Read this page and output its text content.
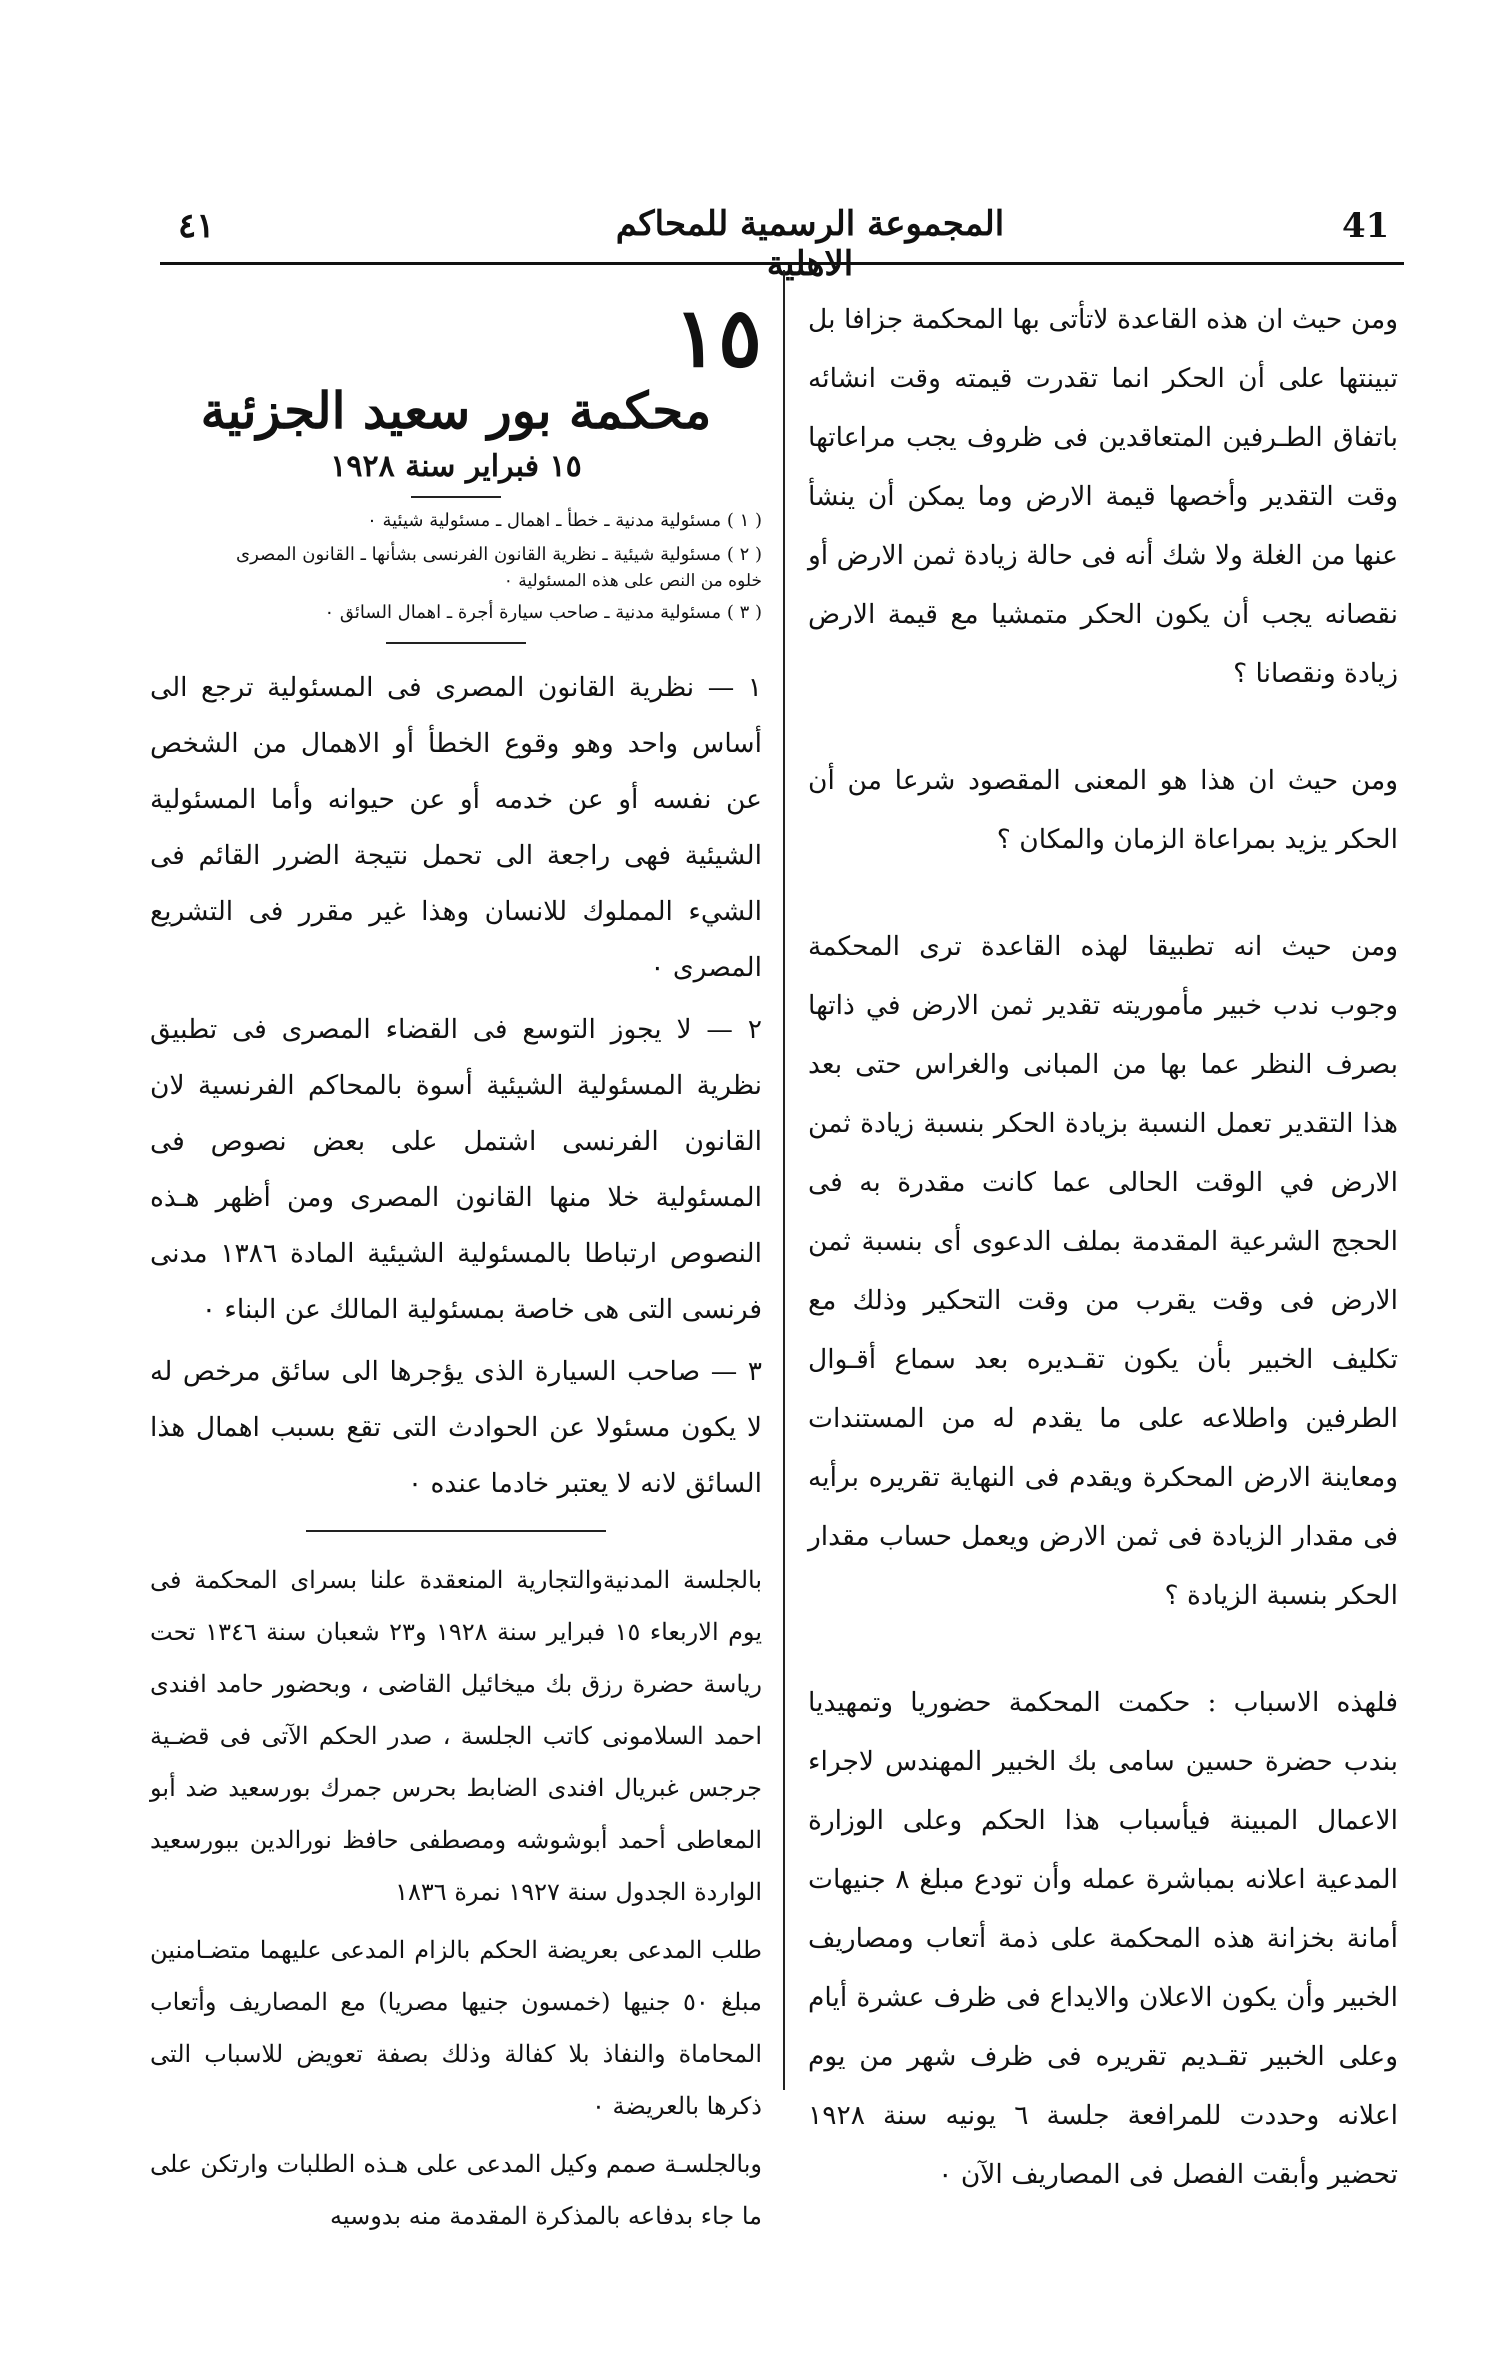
٤١	المجموعة الرسمية للمحاكم الاهلية
41

ومن حيث ان هذه القاعدة لاتأتى بها المحكمة جزافا بل تبينتها على أن الحكر انما تقدرت قيمته وقت انشائه باتفاق الطـرفين المتعاقدين فى ظروف يجب مراعاتها وقت التقدير وأخصها قيمة الارض وما يمكن أن ينشأ عنها من الغلة ولا شك أنه فى حالة زيادة ثمن الارض أو نقصانه يجب أن يكون الحكر متمشيا مع قيمة الارض زيادة ونقصانا ؟

ومن حيث ان هذا هو المعنى المقصود شرعا من أن الحكر يزيد بمراعاة الزمان والمكان ؟

ومن حيث انه تطبيقا لهذه القاعدة ترى المحكمة وجوب ندب خبير مأموريته تقدير ثمن الارض في ذاتها بصرف النظر عما بها من المبانى والغراس حتى بعد هذا التقدير تعمل النسبة بزيادة الحكر بنسبة زيادة ثمن الارض في الوقت الحالى عما كانت مقدرة به فى الحجج الشرعية المقدمة بملف الدعوى أى بنسبة ثمن الارض فى وقت يقرب من وقت التحكير وذلك مع تكليف الخبير بأن يكون تقـديره بعد سماع أقـوال الطرفين واطلاعه على ما يقدم له من المستندات ومعاينة الارض المحكرة ويقدم فى النهاية تقريره برأيه فى مقدار الزيادة فى ثمن الارض ويعمل حساب مقدار الحكر بنسبة الزيادة ؟

فلهذه الاسباب : حكمت المحكمة حضوريا وتمهيديا بندب حضرة حسين سامى بك الخبير المهندس لاجراء الاعمال المبينة فيأسباب هذا الحكم وعلى الوزارة المدعية اعلانه بمباشرة عمله وأن تودع مبلغ ٨ جنيهات أمانة بخزانة هذه المحكمة على ذمة أتعاب ومصاريف الخبير وأن يكون الاعلان والايداع فى ظرف عشرة أيام وعلى الخبير تقـديم تقريره فى ظرف شهر من يوم اعلانه وحددت للمرافعة جلسة ٦ يونيه سنة ١٩٢٨ تحضير وأبقت الفصل فى المصاريف الآن ٠

١٥
محكمة بور سعيد الجزئية
١٥ فبراير سنة ١٩٢٨

( ١ ) مسئولية مدنية ـ خطأ ـ اهمال ـ مسئولية شيئية ٠

( ٢ ) مسئولية شيئية ـ نظرية القانون الفرنسى بشأنها ـ القانون المصرى

خلوه من النص على هذه المسئولية ٠

( ٣ ) مسئولية مدنية ـ صاحب سيارة أجرة ـ اهمال السائق ٠

١ — نظرية القانون المصرى فى المسئولية ترجع الى أساس واحد وهو وقوع الخطأ أو الاهمال من الشخص عن نفسه أو عن خدمه أو عن حيوانه وأما المسئولية الشيئية فهى راجعة الى تحمل نتيجة الضرر القائم فى الشيء المملوك للانسان وهذا غير مقرر فى التشريع المصرى ٠

٢ — لا يجوز التوسع فى القضاء المصرى فى تطبيق نظرية المسئولية الشيئية أسوة بالمحاكم الفرنسية لان القانون الفرنسى اشتمل على بعض نصوص فى المسئولية خلا منها القانون المصرى ومن أظهر هـذه النصوص ارتباطا بالمسئولية الشيئية المادة ١٣٨٦ مدنى فرنسى التى هى خاصة بمسئولية المالك عن البناء ٠

٣ — صاحب السيارة الذى يؤجرها الى سائق مرخص له لا يكون مسئولا عن الحوادث التى تقع بسبب اهمال هذا السائق لانه لا يعتبر خادما عنده ٠

بالجلسة المدنيةوالتجارية المنعقدة علنا بسراى المحكمة فى يوم الاربعاء ١٥ فبراير سنة ١٩٢٨ و٢٣ شعبان سنة ١٣٤٦ تحت رياسة حضرة رزق بك ميخائيل القاضى ، وبحضور حامد افندى احمد السلامونى كاتب الجلسة ، صدر الحكم الآتى فى قضـية جرجس غبريال افندى الضابط بحرس جمرك بورسعيد ضد أبو المعاطى أحمد أبوشوشه ومصطفى حافظ نورالدين ببورسعيد الواردة الجدول سنة ١٩٢٧ نمرة ١٨٣٦

طلب المدعى بعريضة الحكم بالزام المدعى عليهما متضـامنين مبلغ ٥٠ جنيها (خمسون جنيها مصريا) مع المصاريف وأتعاب المحاماة والنفاذ بلا كفالة وذلك بصفة تعويض للاسباب التى ذكرها بالعريضة ٠

وبالجلسـة صمم وكيل المدعى على هـذه الطلبات وارتكن على ما جاء بدفاعه بالمذكرة المقدمة منه بدوسيه
